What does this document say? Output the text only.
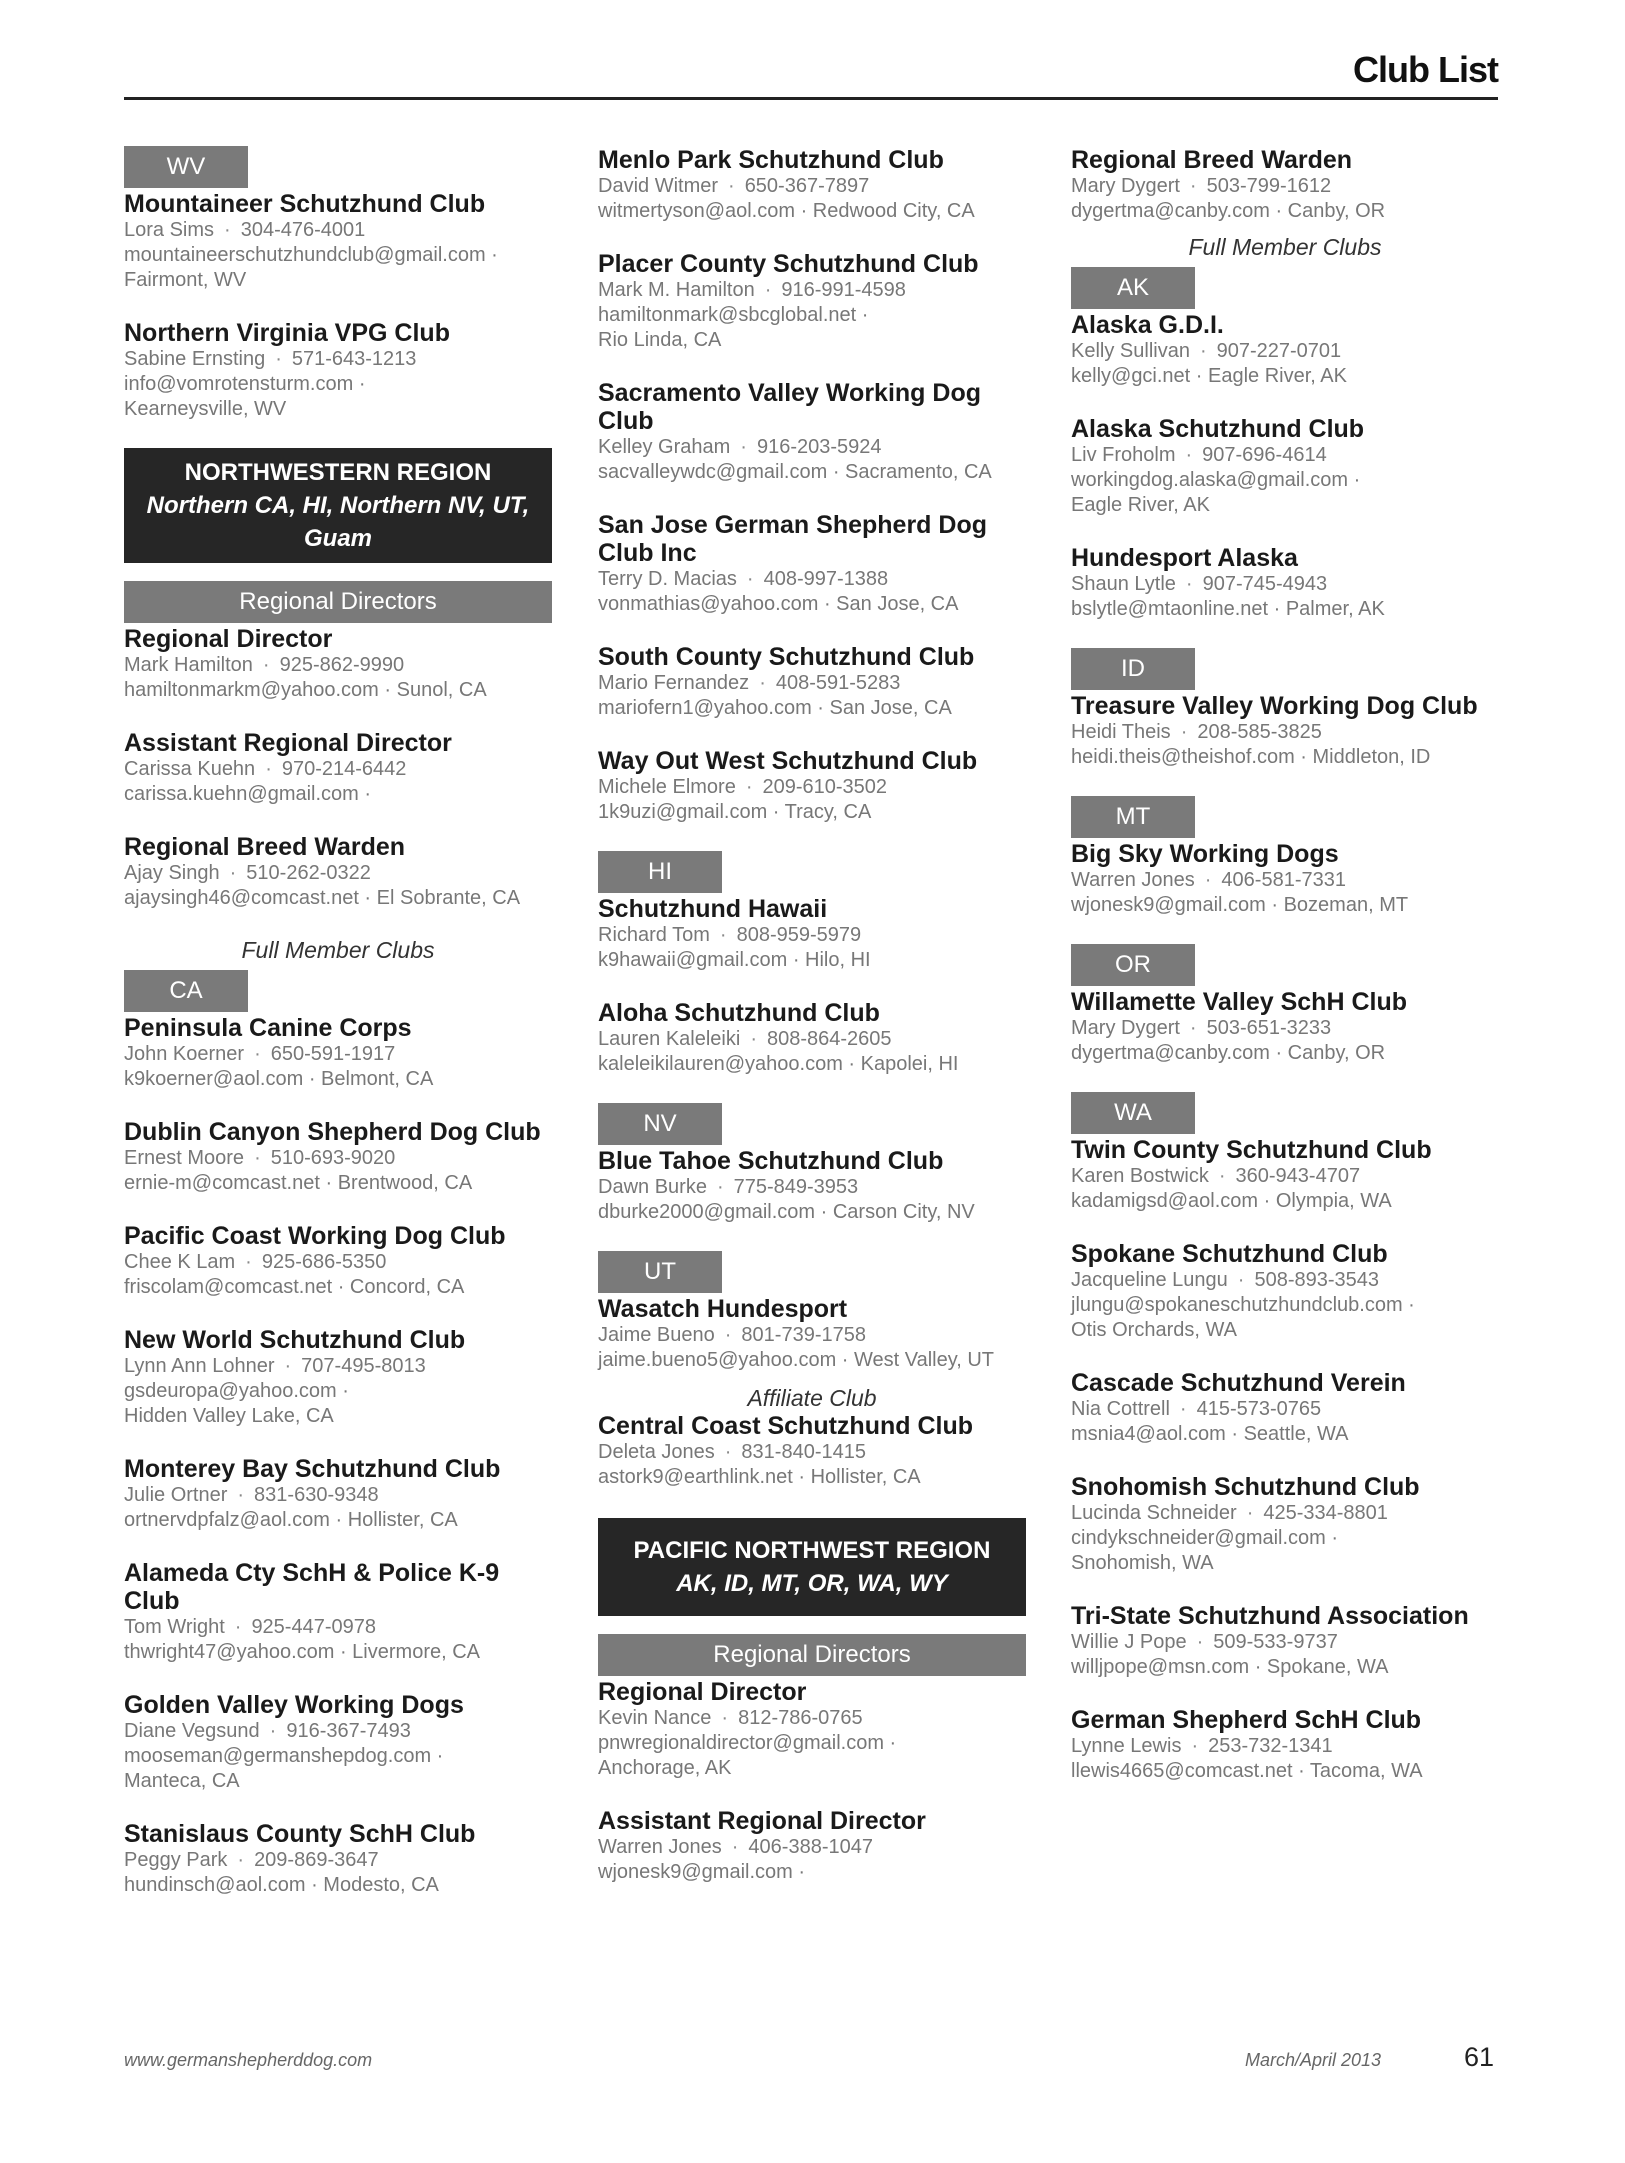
Club List
WV
Mountaineer Schutzhund Club
Lora Sims · 304-476-4001
mountaineerschutzhundclub@gmail.com ·
Fairmont, WV
Northern Virginia VPG Club
Sabine Ernsting · 571-643-1213
info@vomrotensturm.com ·
Kearneysville, WV
NORTHWESTERN REGION
Northern CA, HI, Northern NV, UT, Guam
Regional Directors
Regional Director
Mark Hamilton · 925-862-9990
hamiltonmarkm@yahoo.com · Sunol, CA
Assistant Regional Director
Carissa Kuehn · 970-214-6442
carissa.kuehn@gmail.com ·
Regional Breed Warden
Ajay Singh · 510-262-0322
ajaysingh46@comcast.net · El Sobrante, CA
Full Member Clubs
CA
Peninsula Canine Corps
John Koerner · 650-591-1917
k9koerner@aol.com · Belmont, CA
Dublin Canyon Shepherd Dog Club
Ernest Moore · 510-693-9020
ernie-m@comcast.net · Brentwood, CA
Pacific Coast Working Dog Club
Chee K Lam · 925-686-5350
friscolam@comcast.net · Concord, CA
New World Schutzhund Club
Lynn Ann Lohner · 707-495-8013
gsdeuropa@yahoo.com ·
Hidden Valley Lake, CA
Monterey Bay Schutzhund Club
Julie Ortner · 831-630-9348
ortnervdpfalz@aol.com · Hollister, CA
Alameda Cty SchH & Police K-9 Club
Tom Wright · 925-447-0978
thwright47@yahoo.com · Livermore, CA
Golden Valley Working Dogs
Diane Vegsund · 916-367-7493
mooseman@germanshepdog.com ·
Manteca, CA
Stanislaus County SchH Club
Peggy Park · 209-869-3647
hundinsch@aol.com · Modesto, CA
Menlo Park Schutzhund Club
David Witmer · 650-367-7897
witmertyson@aol.com · Redwood City, CA
Placer County Schutzhund Club
Mark M. Hamilton · 916-991-4598
hamiltonmark@sbcglobal.net ·
Rio Linda, CA
Sacramento Valley Working Dog Club
Kelley Graham · 916-203-5924
sacvalleywdc@gmail.com · Sacramento, CA
San Jose German Shepherd Dog Club Inc
Terry D. Macias · 408-997-1388
vonmathias@yahoo.com · San Jose, CA
South County Schutzhund Club
Mario Fernandez · 408-591-5283
mariofern1@yahoo.com · San Jose, CA
Way Out West Schutzhund Club
Michele Elmore · 209-610-3502
1k9uzi@gmail.com · Tracy, CA
HI
Schutzhund Hawaii
Richard Tom · 808-959-5979
k9hawaii@gmail.com · Hilo, HI
Aloha Schutzhund Club
Lauren Kaleleiki · 808-864-2605
kaleleikilauren@yahoo.com · Kapolei, HI
NV
Blue Tahoe Schutzhund Club
Dawn Burke · 775-849-3953
dburke2000@gmail.com · Carson City, NV
UT
Wasatch Hundesport
Jaime Bueno · 801-739-1758
jaime.bueno5@yahoo.com · West Valley, UT
Affiliate Club
Central Coast Schutzhund Club
Deleta Jones · 831-840-1415
astork9@earthlink.net · Hollister, CA
PACIFIC NORTHWEST REGION
AK, ID, MT, OR, WA, WY
Regional Directors
Regional Director
Kevin Nance · 812-786-0765
pnwregionaldirector@gmail.com ·
Anchorage, AK
Assistant Regional Director
Warren Jones · 406-388-1047
wjonesk9@gmail.com ·
Regional Breed Warden
Mary Dygert · 503-799-1612
dygertma@canby.com · Canby, OR
Full Member Clubs
AK
Alaska G.D.I.
Kelly Sullivan · 907-227-0701
kelly@gci.net · Eagle River, AK
Alaska Schutzhund Club
Liv Froholm · 907-696-4614
workingdog.alaska@gmail.com ·
Eagle River, AK
Hundesport Alaska
Shaun Lytle · 907-745-4943
bslytle@mtaonline.net · Palmer, AK
ID
Treasure Valley Working Dog Club
Heidi Theis · 208-585-3825
heidi.theis@theishof.com · Middleton, ID
MT
Big Sky Working Dogs
Warren Jones · 406-581-7331
wjonesk9@gmail.com · Bozeman, MT
OR
Willamette Valley SchH Club
Mary Dygert · 503-651-3233
dygertma@canby.com · Canby, OR
WA
Twin County Schutzhund Club
Karen Bostwick · 360-943-4707
kadamigsd@aol.com · Olympia, WA
Spokane Schutzhund Club
Jacqueline Lungu · 508-893-3543
jlungu@spokaneschutzhundclub.com ·
Otis Orchards, WA
Cascade Schutzhund Verein
Nia Cottrell · 415-573-0765
msnia4@aol.com · Seattle, WA
Snohomish Schutzhund Club
Lucinda Schneider · 425-334-8801
cindykschneider@gmail.com ·
Snohomish, WA
Tri-State Schutzhund Association
Willie J Pope · 509-533-9737
willjpope@msn.com · Spokane, WA
German Shepherd SchH Club
Lynne Lewis · 253-732-1341
llewis4665@comcast.net · Tacoma, WA
www.germanshepherddog.com	March/April 2013	61
